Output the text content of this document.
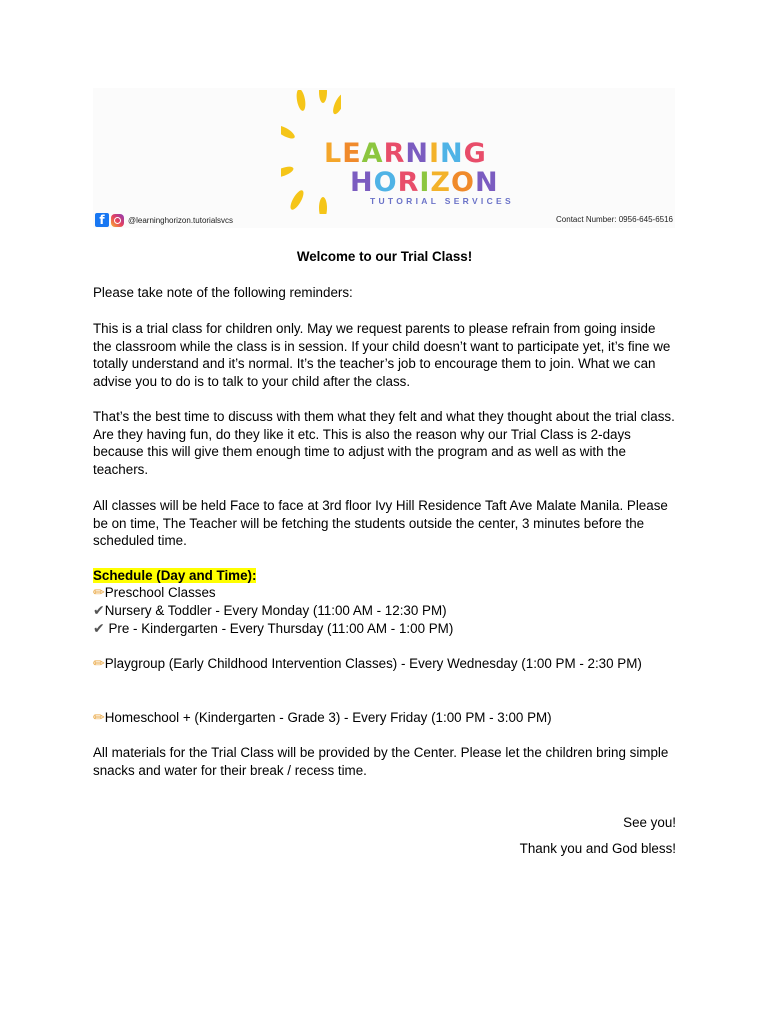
LEARNING
HORIZON
TUTORIAL SERVICES
f	@learninghorizon.tutorialsvcs	Contact Number: 0956-645-6516
Welcome to our Trial Class!

Please take note of the following reminders:

This is a trial class for children only. May we request parents to please refrain from going inside the classroom while the class is in session. If your child doesn’t want to participate yet, it’s fine we totally understand and it’s normal. It’s the teacher’s job to encourage them to join. What we can advise you to do is to talk to your child after the class.

That’s the best time to discuss with them what they felt and what they thought about the trial class. Are they having fun, do they like it etc. This is also the reason why our Trial Class is 2-days because this will give them enough time to adjust with the program and as well as with the teachers.

All classes will be held Face to face at 3rd floor Ivy Hill Residence Taft Ave Malate Manila. Please be on time, The Teacher will be fetching the students outside the center, 3 minutes before the scheduled time.

Schedule (Day and Time):
✏Preschool Classes
✔Nursery & Toddler - Every Monday (11:00 AM - 12:30 PM)
✔ Pre - Kindergarten - Every Thursday (11:00 AM - 1:00 PM)
✏Playgroup (Early Childhood Intervention Classes) - Every Wednesday (1:00 PM - 2:30 PM)
✏Homeschool + (Kindergarten - Grade 3) - Every Friday (1:00 PM - 3:00 PM)

All materials for the Trial Class will be provided by the Center. Please let the children bring simple snacks and water for their break / recess time.

See you!
Thank you and God bless!
